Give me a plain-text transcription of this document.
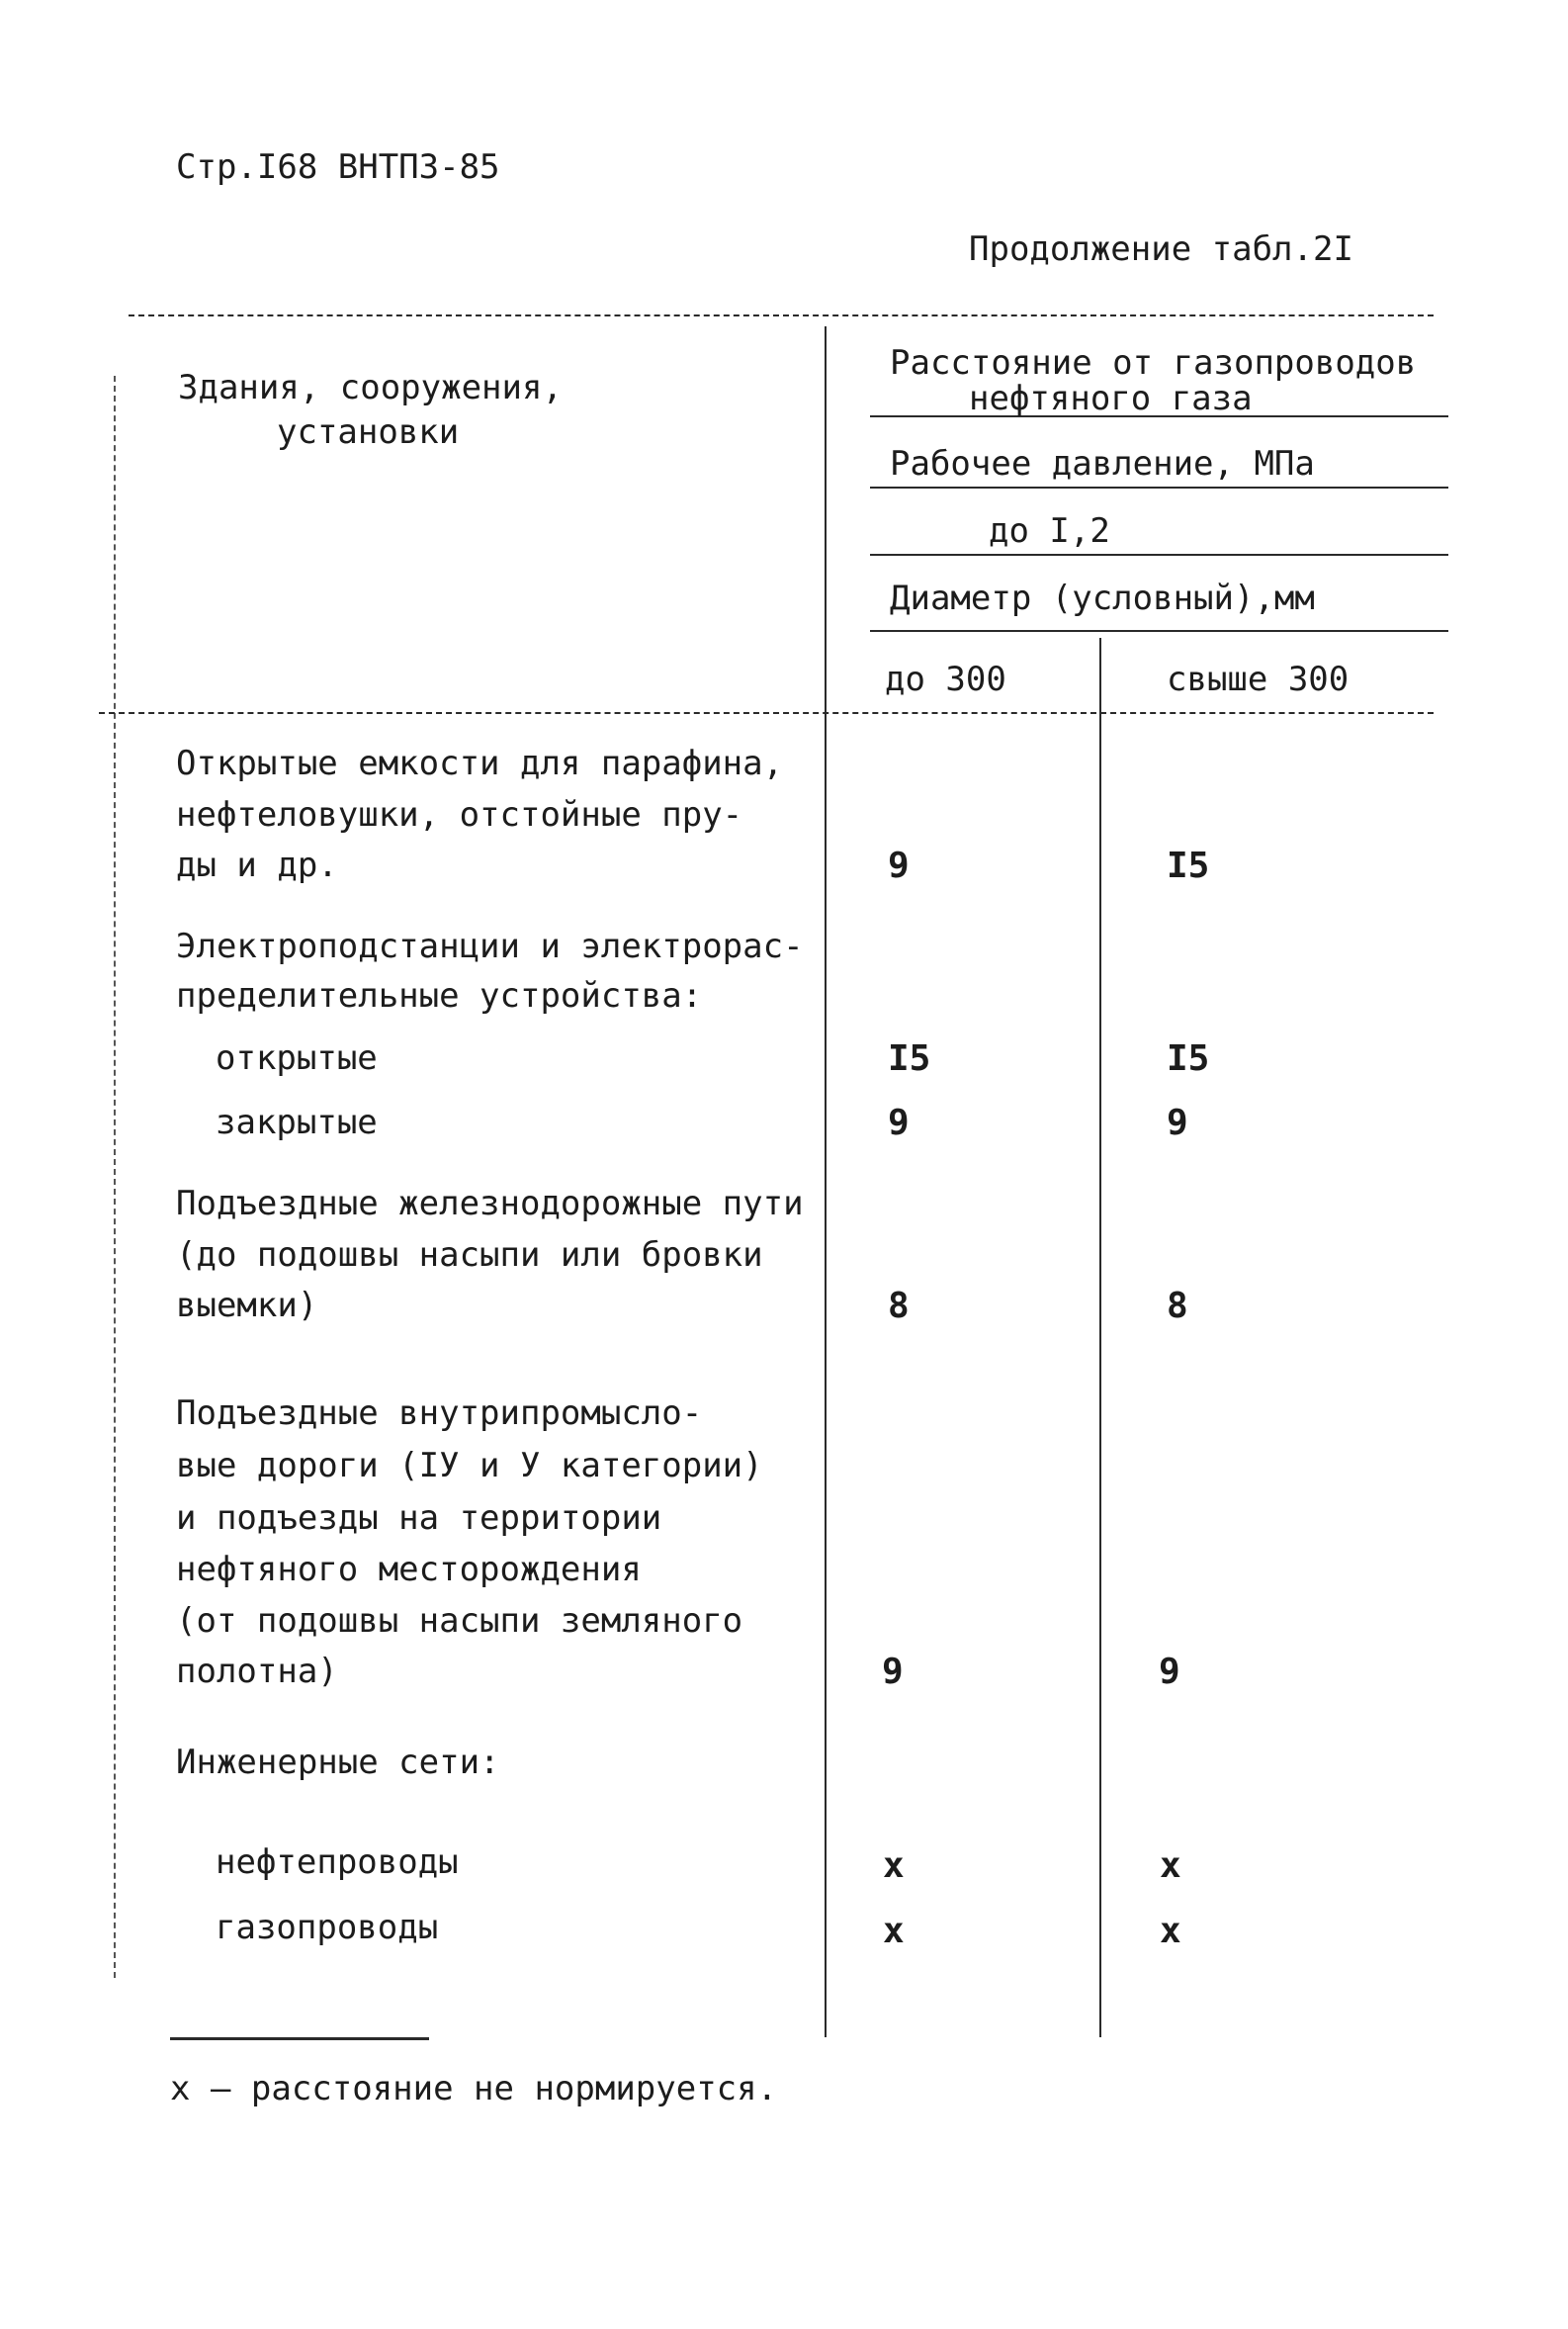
Стр.I68 ВНТПЗ-85
Продолжение табл.2I
Здания, сооружения,
установки
Расстояние от газопроводов
нефтяного газа
Рабочее давление, МПа
до I,2
Диаметр (условный),мм
до 300	свыше 300
Открытые емкости для парафина,
нефтеловушки, отстойные пру-
ды и др.	9	I5
Электроподстанции и электрорас-
пределительные устройства:
открытые	I5	I5
закрытые	9	9
Подъездные железнодорожные пути
(до подошвы насыпи или бровки
выемки)	8	8
Подъездные внутрипромысло-
вые дороги (IУ и У категории)
и подъезды на территории
нефтяного месторождения
(от подошвы насыпи земляного
полотна)	9	9
Инженерные сети:
нефтепроводы	х	х
газопроводы	х	х
х – расстояние не нормируется.
